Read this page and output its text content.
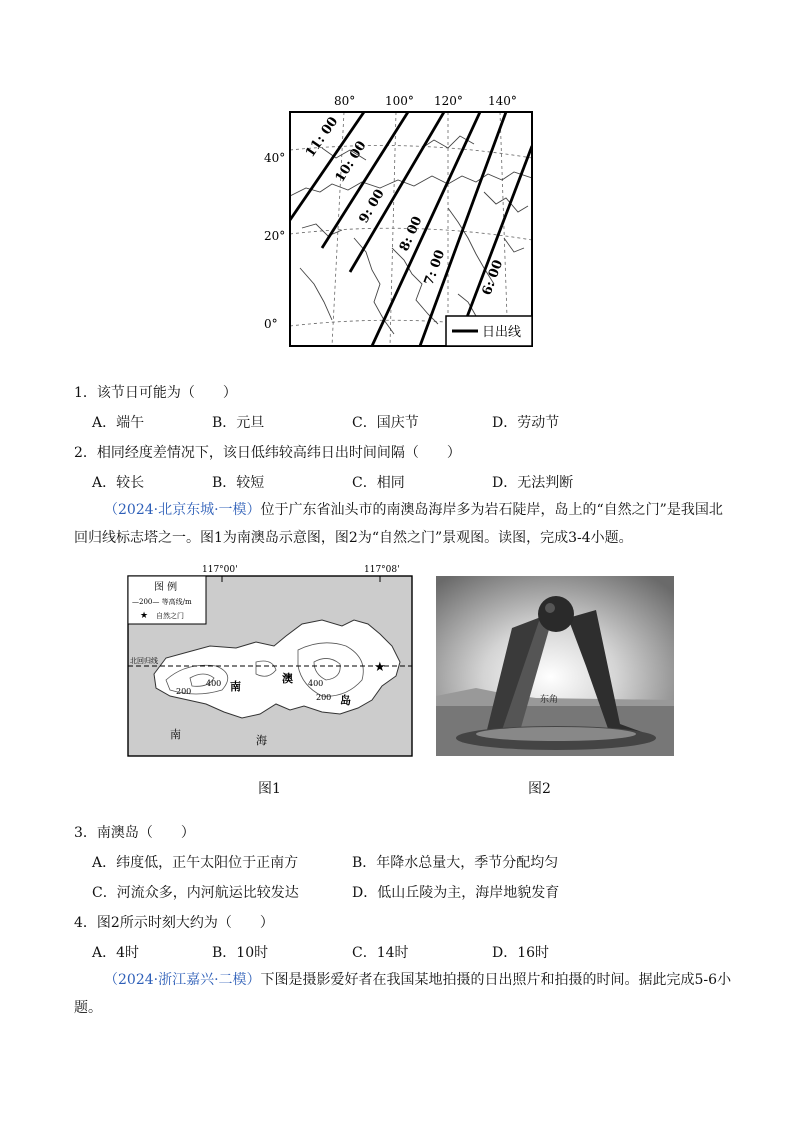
80° 100° 120° 140°
40°
20°
0°
11: 00
10: 00
9: 00
8: 00
7: 00 6: 00
日出线
1．该节日可能为（　　）
A．端午	B．元旦	C．国庆节	D．劳动节
2．相同经度差情况下，该日低纬较高纬日出时间间隔（　　）
A．较长	B．较短	C．相同	D．无法判断
（2024·北京东城·一模）位于广东省汕头市的南澳岛海岸多为岩石陡岸，岛上的“自然之门”是我国北回归线标志塔之一。图1为南澳岛示意图，图2为“自然之门”景观图。读图，完成3-4小题。
117°00'	117°08'
北回归线	★
400
200
400
200
南
澳
岛
南	海
图 例
—200— 等高线/m
★ 自然之门
东角
图1	图2
3．南澳岛（　　）
A．纬度低，正午太阳位于正南方	B．年降水总量大，季节分配均匀
C．河流众多，内河航运比较发达	D．低山丘陵为主，海岸地貌发育
4．图2所示时刻大约为（　　）
A．4时	B．10时	C．14时	D．16时
（2024·浙江嘉兴·二模）下图是摄影爱好者在我国某地拍摄的日出照片和拍摄的时间。据此完成5-6小题。
